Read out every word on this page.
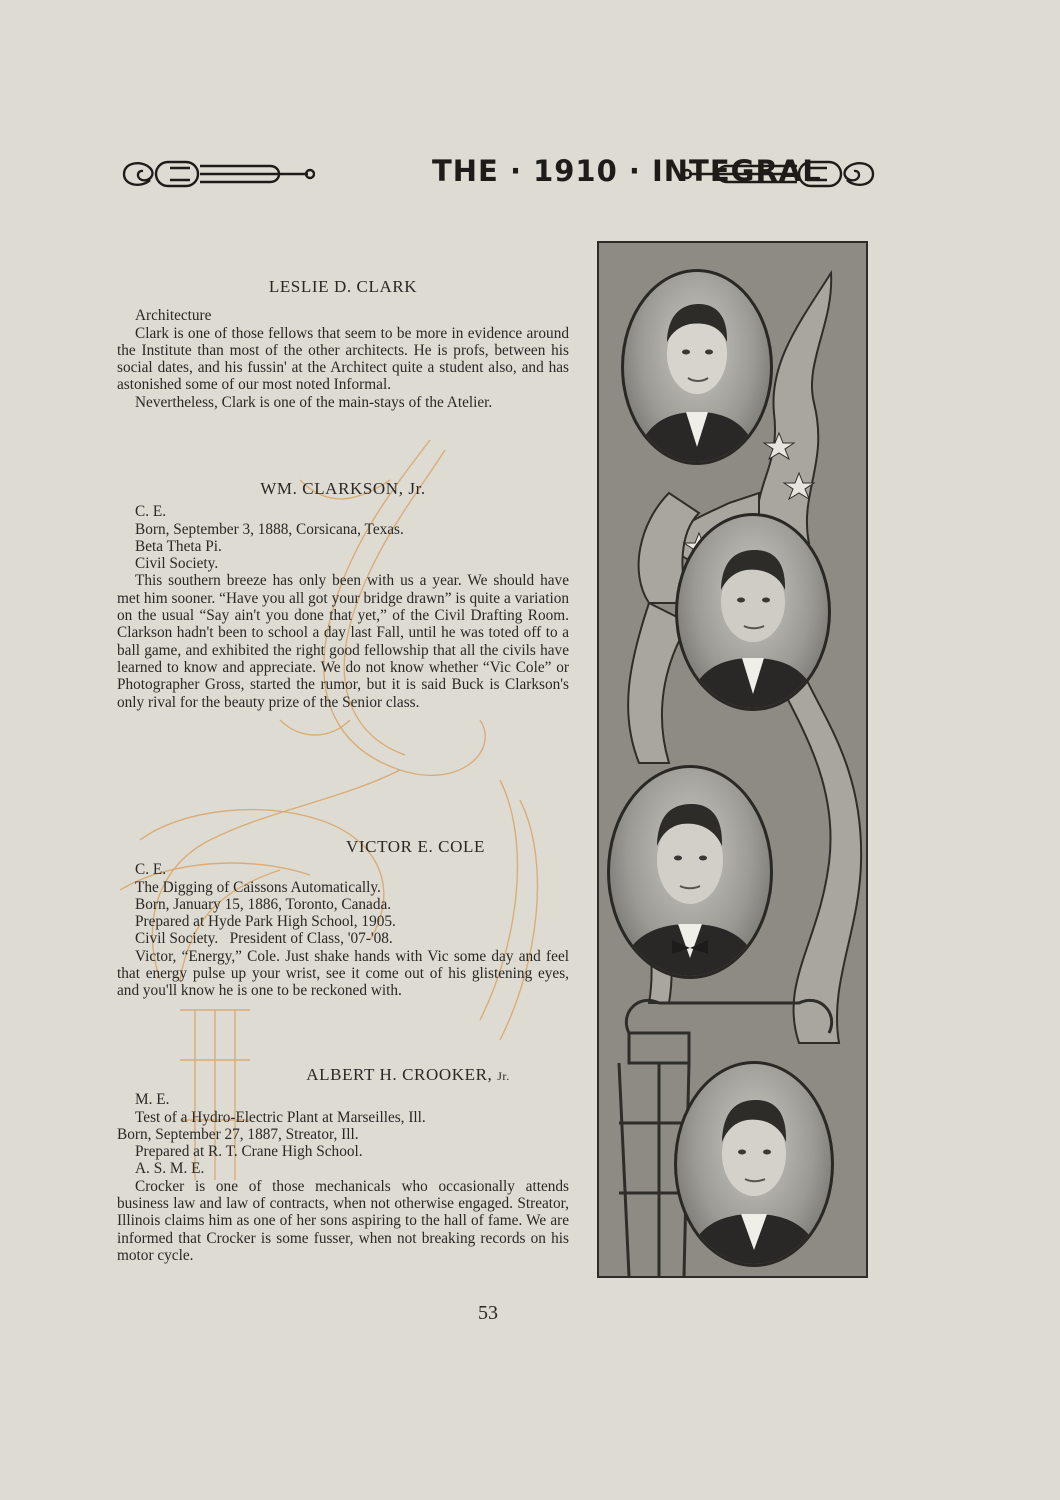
THE · 1910 · INTEGRAL

LESLIE D. CLARK

Architecture

Clark is one of those fellows that seem to be more in evidence around the Institute than most of the other architects. He is profs, between his social dates, and his fussin' at the Architect quite a student also, and has astonished some of our most noted Informal.

Nevertheless, Clark is one of the main-stays of the Atelier.

WM. CLARKSON, Jr.

C. E.

Born, September 3, 1888, Corsicana, Texas.

Beta Theta Pi.

Civil Society.

This southern breeze has only been with us a year. We should have met him sooner. “Have you all got your bridge drawn” is quite a variation on the usual “Say ain't you done that yet,” of the Civil Drafting Room. Clarkson hadn't been to school a day last Fall, until he was toted off to a ball game, and exhibited the right good fellowship that all the civils have learned to know and appreciate. We do not know whether “Vic Cole” or Photographer Gross, started the rumor, but it is said Buck is Clarkson's only rival for the beauty prize of the Senior class.

VICTOR E. COLE

C. E.

The Digging of Caissons Automatically.

Born, January 15, 1886, Toronto, Canada.

Prepared at Hyde Park High School, 1905.

Civil Society.   President of Class, '07-'08.

Victor, “Energy,” Cole. Just shake hands with Vic some day and feel that energy pulse up your wrist, see it come out of his glistening eyes, and you'll know he is one to be reckoned with.

ALBERT H. CROOKER, Jr.

M. E.

Test of a Hydro-Electric Plant at Marseilles, Ill.

Born, September 27, 1887, Streator, Ill.

Prepared at R. T. Crane High School.

A. S. M. E.

Crocker is one of those mechanicals who occasionally attends business law and law of contracts, when not otherwise engaged. Streator, Illinois claims him as one of her sons aspiring to the hall of fame. We are informed that Crocker is some fusser, when not breaking records on his motor cycle.

53
